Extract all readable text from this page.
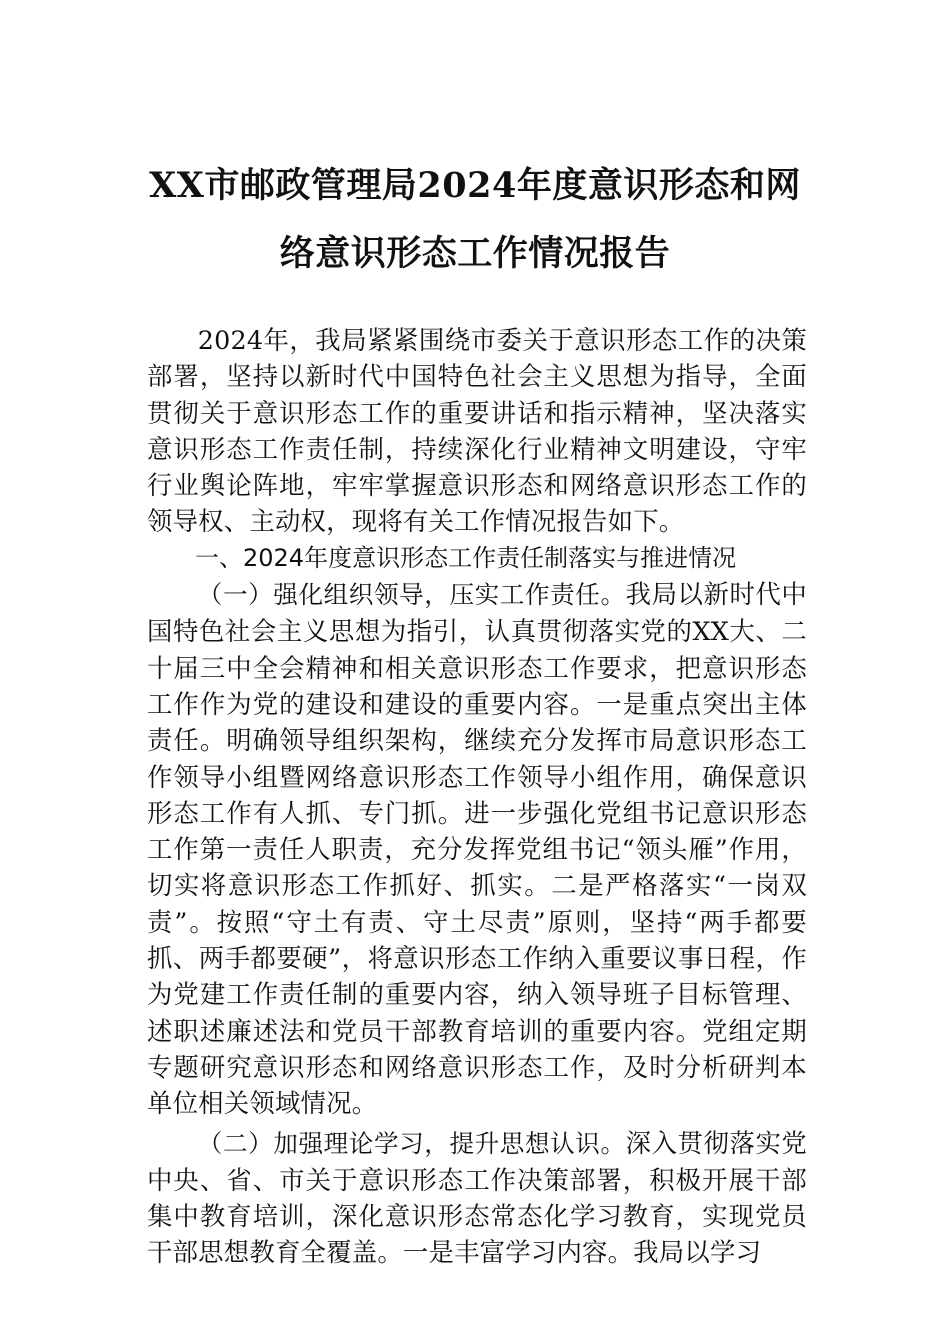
XX市邮政管理局2024年度意识形态和网
络意识形态工作情况报告

2024年，我局紧紧围绕市委关于意识形态工作的决策部署，坚持以新时代中国特色社会主义思想为指导，全面贯彻关于意识形态工作的重要讲话和指示精神，坚决落实意识形态工作责任制，持续深化行业精神文明建设，守牢行业舆论阵地，牢牢掌握意识形态和网络意识形态工作的领导权、主动权，现将有关工作情况报告如下。

一、2024年度意识形态工作责任制落实与推进情况

（一）强化组织领导，压实工作责任。我局以新时代中国特色社会主义思想为指引，认真贯彻落实党的XX大、二十届三中全会精神和相关意识形态工作要求，把意识形态工作作为党的建设和建设的重要内容。一是重点突出主体责任。明确领导组织架构，继续充分发挥市局意识形态工作领导小组暨网络意识形态工作领导小组作用，确保意识形态工作有人抓、专门抓。进一步强化党组书记意识形态工作第一责任人职责，充分发挥党组书记“领头雁”作用，切实将意识形态工作抓好、抓实。二是严格落实“一岗双责”。按照“守土有责、守土尽责”原则，坚持“两手都要抓、两手都要硬”，将意识形态工作纳入重要议事日程，作为党建工作责任制的重要内容，纳入领导班子目标管理、述职述廉述法和党员干部教育培训的重要内容。党组定期专题研究意识形态和网络意识形态工作，及时分析研判本单位相关领域情况。

（二）加强理论学习，提升思想认识。深入贯彻落实党中央、省、市关于意识形态工作决策部署，积极开展干部集中教育培训，深化意识形态常态化学习教育，实现党员干部思想教育全覆盖。一是丰富学习内容。我局以学习
